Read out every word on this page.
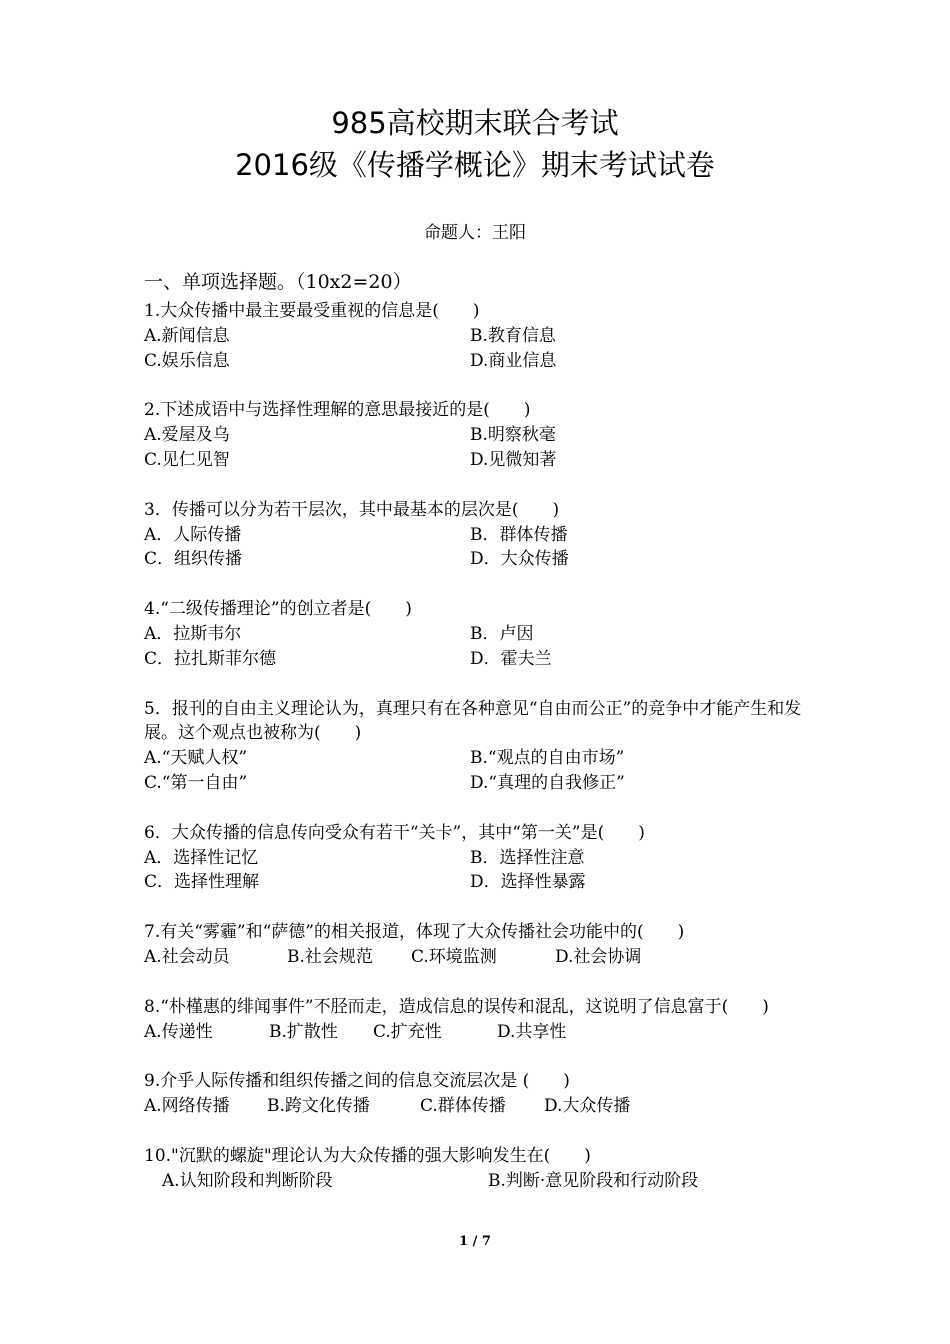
985高校期末联合考试
2016级《传播学概论》期末考试试卷
命题人：王阳
一、单项选择题。（10x2=20）

1.大众传播中最主要最受重视的信息是(　　)

A.新闻信息	B.教育信息
C.娱乐信息	D.商业信息

2.下述成语中与选择性理解的意思最接近的是(　　)

A.爱屋及乌	B.明察秋毫
C.见仁见智	D.见微知著

3．传播可以分为若干层次，其中最基本的层次是(　　)

A．人际传播	B．群体传播
C．组织传播	D．大众传播

4.“二级传播理论”的创立者是(　　)

A．拉斯韦尔	B．卢因
C．拉扎斯菲尔德	D．霍夫兰

5．报刊的自由主义理论认为，真理只有在各种意见“自由而公正”的竞争中才能产生和发展。这个观点也被称为(　　)

A.“天赋人权”	B.“观点的自由市场”
C.“第一自由”	D.“真理的自我修正”

6．大众传播的信息传向受众有若干“关卡”，其中“第一关”是(　　)

A．选择性记忆	B．选择性注意
C．选择性理解	D．选择性暴露

7.有关“雾霾”和“萨德”的相关报道，体现了大众传播社会功能中的(　　)

A.社会动员	B.社会规范	C.环境监测	D.社会协调

8.“朴槿惠的绯闻事件”不胫而走，造成信息的误传和混乱，这说明了信息富于(　　)

A.传递性	B.扩散性	C.扩充性	D.共享性

9.介乎人际传播和组织传播之间的信息交流层次是 (　　)

A.网络传播	B.跨文化传播	C.群体传播	D.大众传播

10."沉默的螺旋"理论认为大众传播的强大影响发生在(　　)

A.认知阶段和判断阶段	B.判断·意见阶段和行动阶段
1 / 7
